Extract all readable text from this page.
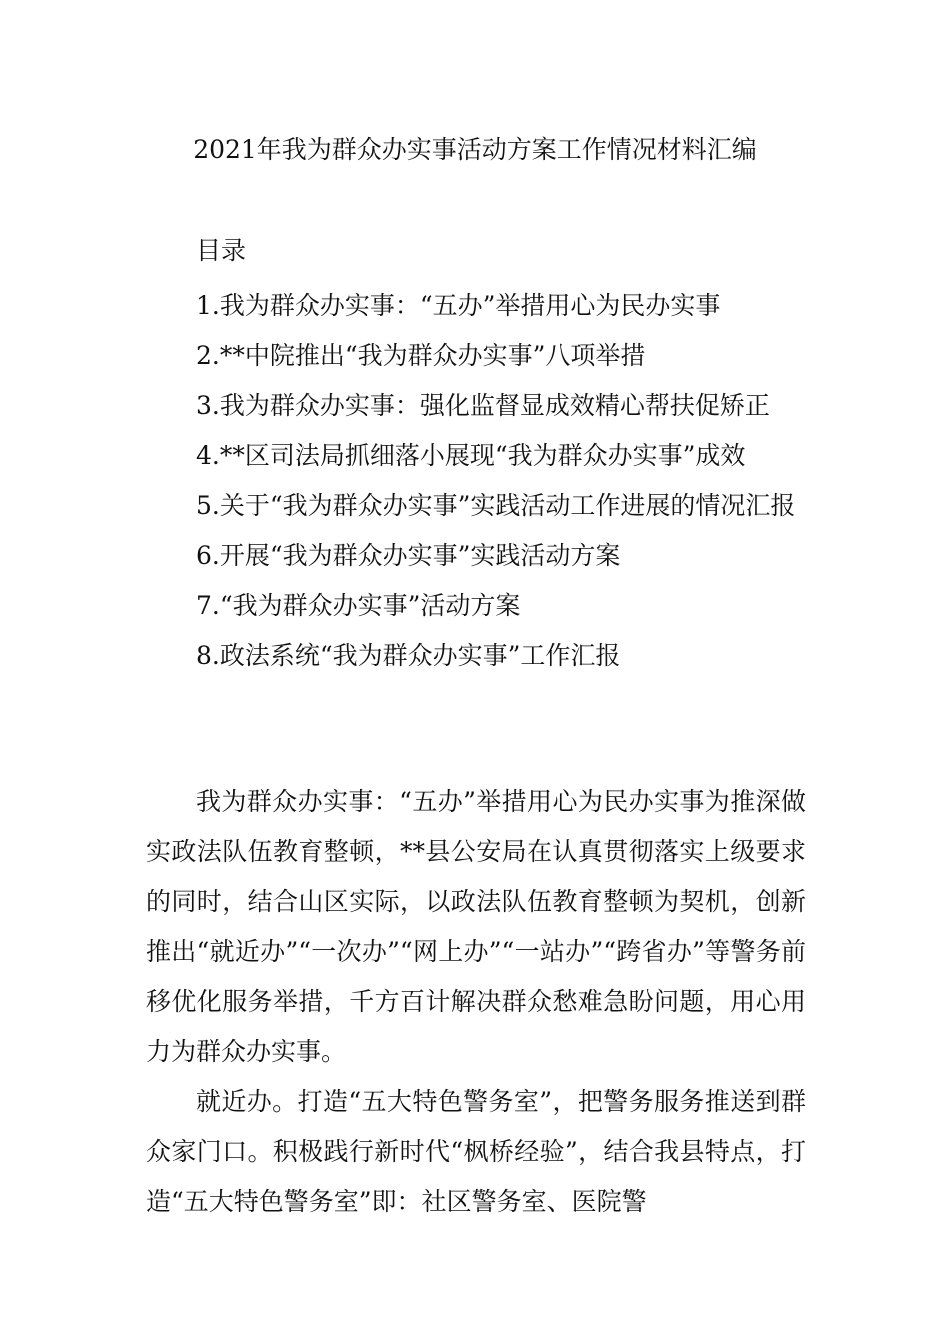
2021年我为群众办实事活动方案工作情况材料汇编
目录
1.我为群众办实事：“五办”举措用心为民办实事
2.**中院推出“我为群众办实事”八项举措
3.我为群众办实事：强化监督显成效精心帮扶促矫正
4.**区司法局抓细落小展现“我为群众办实事”成效
5.关于“我为群众办实事”实践活动工作进展的情况汇报
6.开展“我为群众办实事”实践活动方案
7.“我为群众办实事”活动方案
8.政法系统“我为群众办实事”工作汇报

我为群众办实事：“五办”举措用心为民办实事为推深做实政法队伍教育整顿，**县公安局在认真贯彻落实上级要求的同时，结合山区实际，以政法队伍教育整顿为契机，创新推出“就近办”“一次办”“网上办”“一站办”“跨省办”等警务前移优化服务举措，千方百计解决群众愁难急盼问题，用心用力为群众办实事。

就近办。打造“五大特色警务室”，把警务服务推送到群众家门口。积极践行新时代“枫桥经验”，结合我县特点，打造“五大特色警务室”即：社区警务室、医院警
